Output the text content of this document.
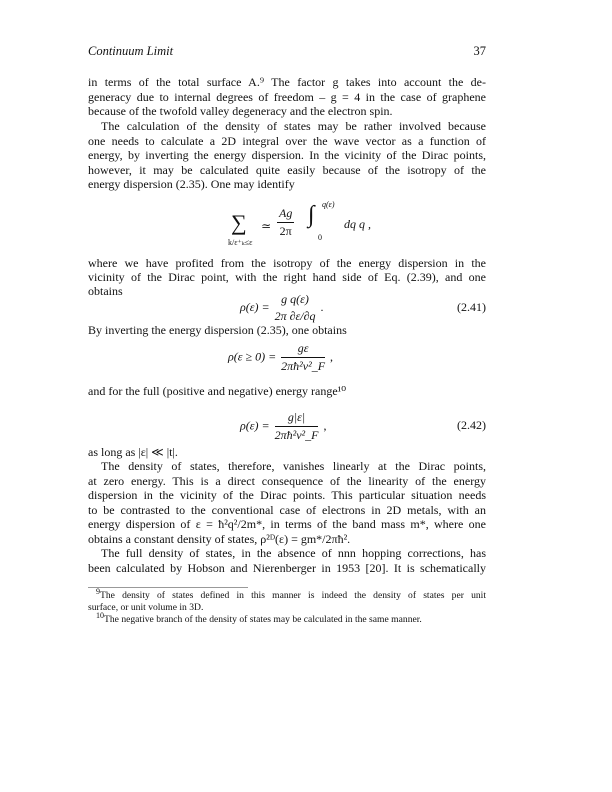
Continuum Limit	37
in terms of the total surface A.⁹ The factor g takes into account the de-
generacy due to internal degrees of freedom – g = 4 in the case of graphene
because of the twofold valley degeneracy and the electron spin.
The calculation of the density of states may be rather involved because
one needs to calculate a 2D integral over the wave vector as a function of
energy, by inverting the energy dispersion. In the vicinity of the Dirac points,
however, it may be calculated quite easily because of the isotropy of the
energy dispersion (2.35). One may identify
∑
k/ε⁺ₖ≤ε
≃ $\frac{Ag}{2\pi}$ ∫ q(ε)
0
dq q ,
where we have profited from the isotropy of the energy dispersion in the
vicinity of the Dirac point, with the right hand side of Eq. (2.39), and one
obtains
ρ(ε) =
g q(ε)
2π ∂ε/∂q
.	(2.41)
By inverting the energy dispersion (2.35), one obtains
$\rho(\varepsilon \ge 0) = \frac{g\varepsilon}{\text{2πħ²v²\_F}}$ ,
and for the full (positive and negative) energy range¹⁰
$\rho(\varepsilon) = \frac{g|\varepsilon|}{\text{2πħ²v²\_F}}$ ,	(2.42)
as long as |ε| ≪ |t|.
The density of states, therefore, vanishes linearly at the Dirac points,
at zero energy. This is a direct consequence of the linearity of the energy
dispersion in the vicinity of the Dirac points. This particular situation needs
to be contrasted to the conventional case of electrons in 2D metals, with an
energy dispersion of ε = ħ²q²/2m*, in terms of the band mass m*, where one
obtains a constant density of states, ρ²ᴰ(ε) = gm*/2πħ².
The full density of states, in the absence of nnn hopping corrections, has
been calculated by Hobson and Nierenberger in 1953 [20]. It is schematically
$^9$The density of states defined in this manner is indeed the density of states per unit
surface, or unit volume in 3D.
$^{10}$The negative branch of the density of states may be calculated in the same manner.
